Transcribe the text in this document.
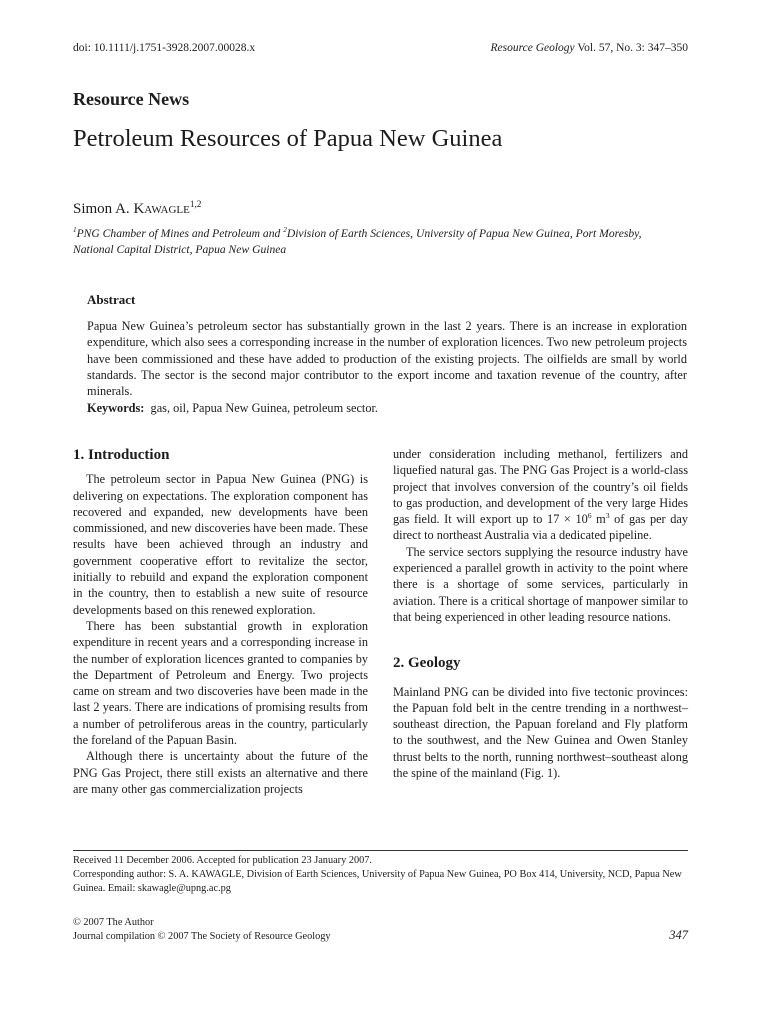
doi: 10.1111/j.1751-3928.2007.00028.x	Resource Geology Vol. 57, No. 3: 347–350
Resource News
Petroleum Resources of Papua New Guinea
Simon A. Kawagle$^{1,2}$
$^1$PNG Chamber of Mines and Petroleum and $^2$Division of Earth Sciences, University of Papua New Guinea, Port Moresby, National Capital District, Papua New Guinea
Abstract
Papua New Guinea’s petroleum sector has substantially grown in the last 2 years. There is an increase in exploration expenditure, which also sees a corresponding increase in the number of exploration licences. Two new petroleum projects have been commissioned and these have added to production of the existing projects. The oilfields are small by world standards. The sector is the second major contributor to the export income and taxation revenue of the country, after minerals.
Keywords: gas, oil, Papua New Guinea, petroleum sector.
1. Introduction

The petroleum sector in Papua New Guinea (PNG) is delivering on expectations. The exploration component has recovered and expanded, new developments have been commissioned, and new discoveries have been made. These results have been achieved through an industry and government cooperative effort to revitalize the sector, initially to rebuild and expand the exploration component in the country, then to establish a new suite of resource developments based on this renewed exploration.

There has been substantial growth in exploration expenditure in recent years and a corresponding increase in the number of exploration licences granted to companies by the Department of Petroleum and Energy. Two projects came on stream and two discoveries have been made in the last 2 years. There are indications of promising results from a number of petroliferous areas in the country, particularly the foreland of the Papuan Basin.

Although there is uncertainty about the future of the PNG Gas Project, there still exists an alternative and there are many other gas commercialization projects

under consideration including methanol, fertilizers and liquefied natural gas. The PNG Gas Project is a world-class project that involves conversion of the country’s oil fields to gas production, and development of the very large Hides gas field. It will export up to $17 \times 10^6$ $m^3$ of gas per day direct to northeast Australia via a dedicated pipeline.

The service sectors supplying the resource industry have experienced a parallel growth in activity to the point where there is a shortage of some services, particularly in aviation. There is a critical shortage of manpower similar to that being experienced in other leading resource nations.

2. Geology

Mainland PNG can be divided into five tectonic provinces: the Papuan fold belt in the centre trending in a northwest–southeast direction, the Papuan foreland and Fly platform to the southwest, and the New Guinea and Owen Stanley thrust belts to the north, running northwest–southeast along the spine of the mainland (Fig. 1).

Received 11 December 2006. Accepted for publication 23 January 2007.
Corresponding author: S. A. KAWAGLE, Division of Earth Sciences, University of Papua New Guinea, PO Box 414, University, NCD, Papua New Guinea. Email: skawagle@upng.ac.pg
© 2007 The Author
Journal compilation © 2007 The Society of Resource Geology	347
